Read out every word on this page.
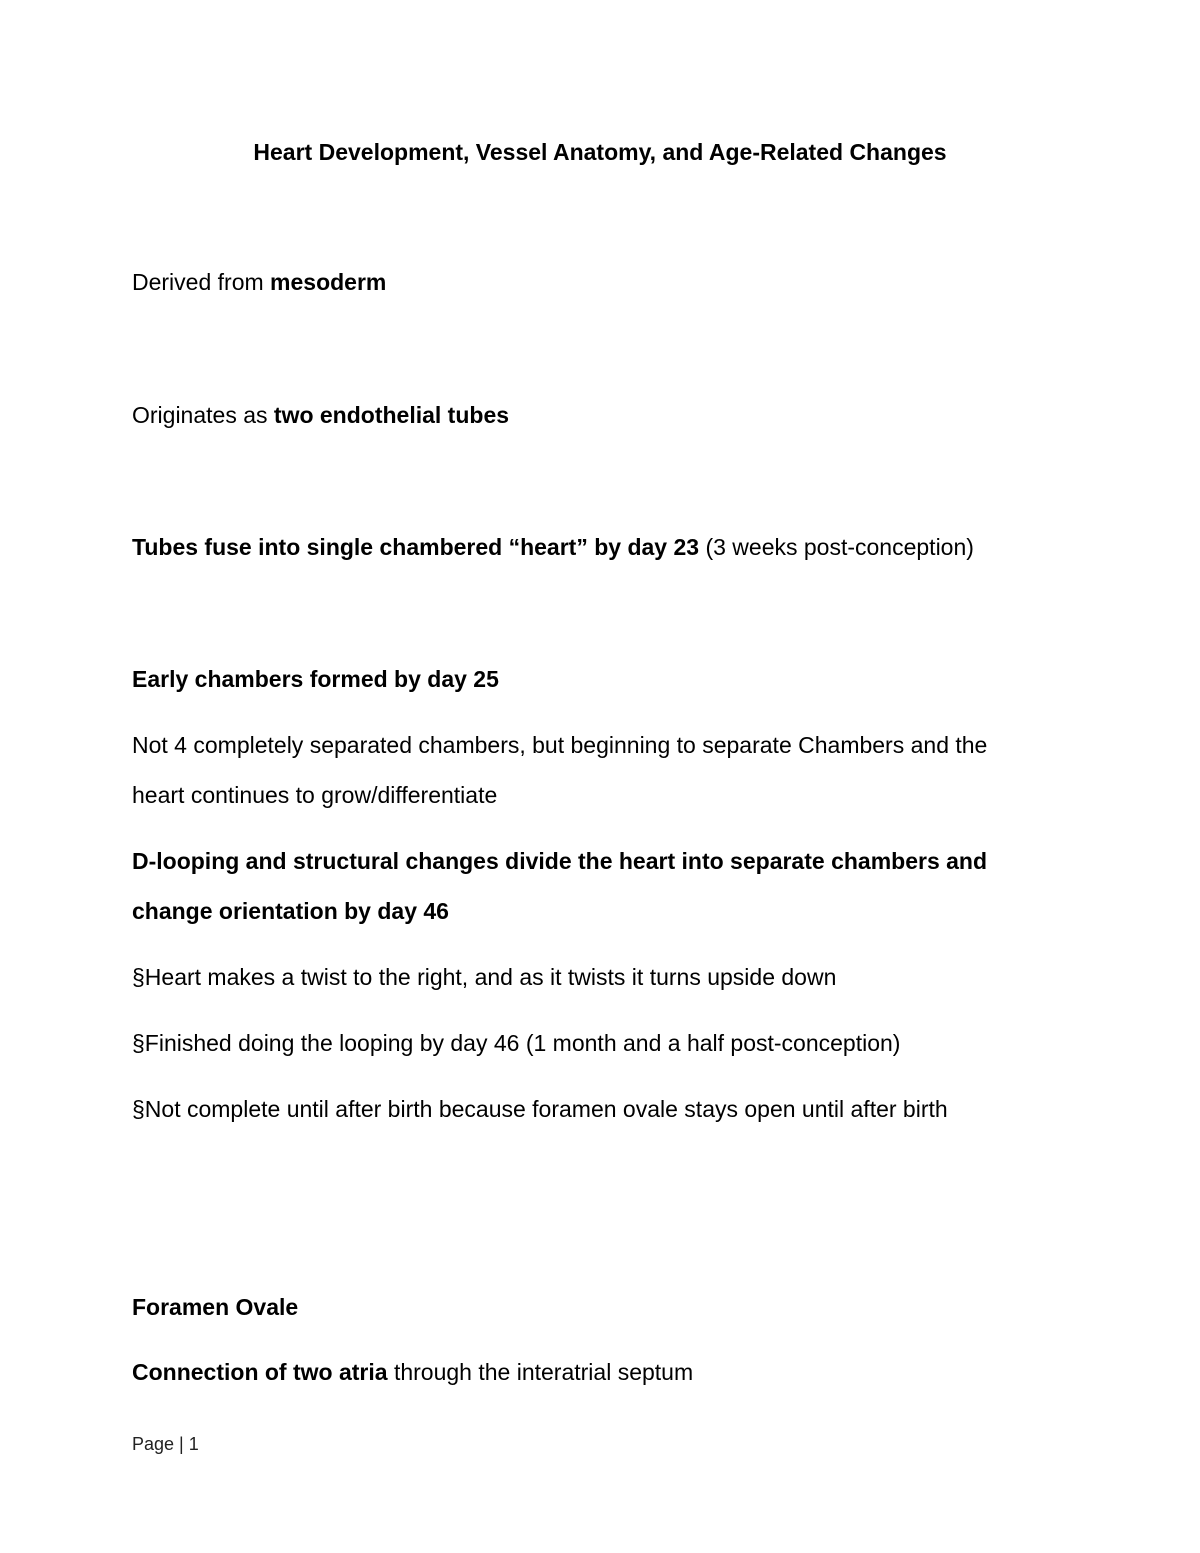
Heart Development, Vessel Anatomy, and Age-Related Changes
Derived from mesoderm
Originates as two endothelial tubes
Tubes fuse into single chambered “heart” by day 23 (3 weeks post-conception)
Early chambers formed by day 25
Not 4 completely separated chambers, but beginning to separate Chambers and the
heart continues to grow/differentiate
D-looping and structural changes divide the heart into separate chambers and
change orientation by day 46
§Heart makes a twist to the right, and as it twists it turns upside down
§Finished doing the looping by day 46 (1 month and a half post-conception)
§Not complete until after birth because foramen ovale stays open until after birth
Foramen Ovale
Connection of two atria through the interatrial septum
Page | 1
